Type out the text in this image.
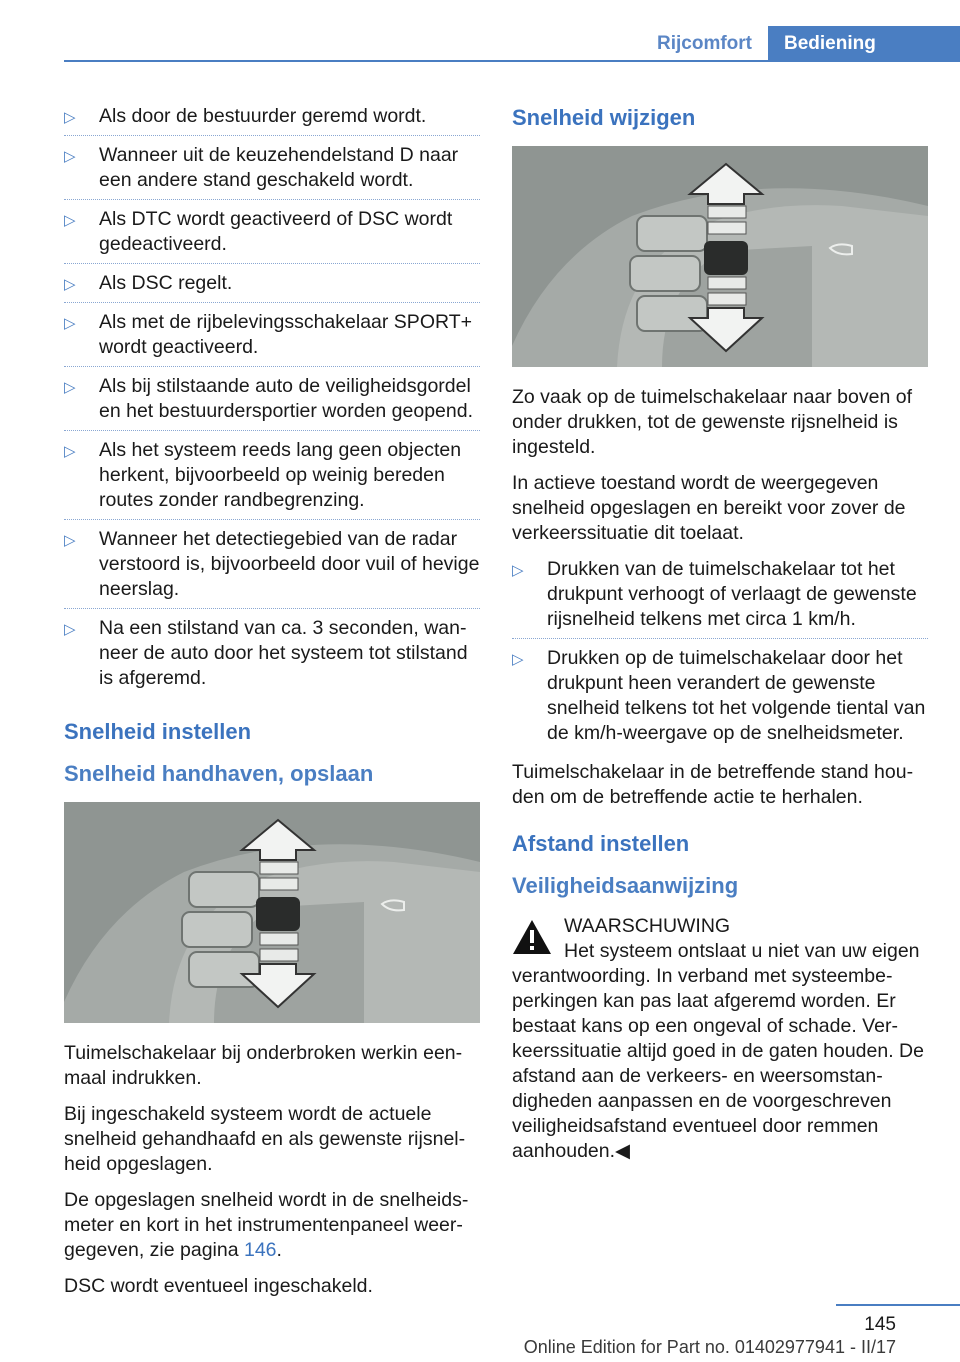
Rijcomfort	Bediening
▷ Als door de bestuurder geremd wordt.
▷ Wanneer uit de keuzehendelstand D naar een andere stand geschakeld wordt.
▷ Als DTC wordt geactiveerd of DSC wordt gedeactiveerd.
▷ Als DSC regelt.
▷ Als met de rijbelevingsschakelaar SPORT+ wordt geactiveerd.
▷ Als bij stilstaande auto de veiligheidsgordel en het bestuurdersportier worden geopend.
▷ Als het systeem reeds lang geen objecten herkent, bijvoorbeeld op weinig bereden routes zonder randbegrenzing.
▷ Wanneer het detectiegebied van de radar verstoord is, bijvoorbeeld door vuil of hevige neerslag.
▷ Na een stilstand van ca. 3 seconden, wanneer de auto door het systeem tot stilstand is afgeremd.
Snelheid instellen
Snelheid handhaven, opslaan
Tuimelschakelaar bij onderbroken werkin eenmaal indrukken.
Bij ingeschakeld systeem wordt de actuele snelheid gehandhaafd en als gewenste rijsnelheid opgeslagen.
De opgeslagen snelheid wordt in de snelheidsmeter en kort in het instrumentenpaneel weergegeven, zie pagina 146.
DSC wordt eventueel ingeschakeld.
Snelheid wijzigen
Zo vaak op de tuimelschakelaar naar boven of onder drukken, tot de gewenste rijsnelheid is ingesteld.
In actieve toestand wordt de weergegeven snelheid opgeslagen en bereikt voor zover de verkeerssituatie dit toelaat.
▷ Drukken van de tuimelschakelaar tot het drukpunt verhoogt of verlaagt de gewenste rijsnelheid telkens met circa 1 km/h.
▷ Drukken op de tuimelschakelaar door het drukpunt heen verandert de gewenste snelheid telkens tot het volgende tiental van de km/h-weergave op de snelheidsmeter.
Tuimelschakelaar in de betreffende stand houden om de betreffende actie te herhalen.
Afstand instellen
Veiligheidsaanwijzing
WAARSCHUWING
Het systeem ontslaat u niet van uw eigen
verantwoording. In verband met systeembeperkingen kan pas laat afgeremd worden. Er bestaat kans op een ongeval of schade. Verkeerssituatie altijd goed in de gaten houden. De afstand aan de verkeers- en weersomstandigheden aanpassen en de voorgeschreven veiligheidsafstand eventueel door remmen aanhouden.◀
145
Online Edition for Part no. 01402977941 - II/17
